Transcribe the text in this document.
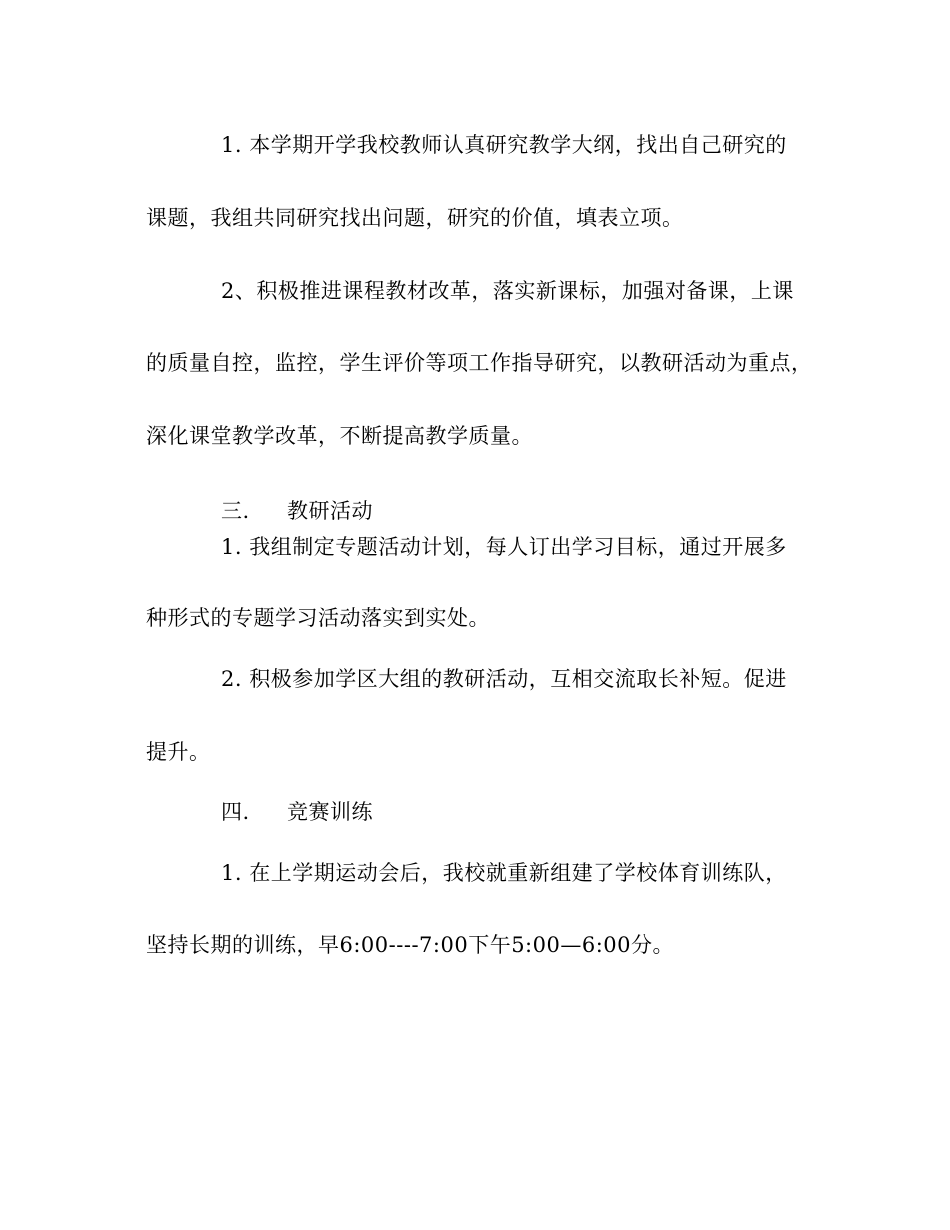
1. 本学期开学我校教师认真研究教学大纲，找出自己研究的
课题，我组共同研究找出问题，研究的价值，填表立项。
2、积极推进课程教材改革，落实新课标，加强对备课，上课
的质量自控，监控，学生评价等项工作指导研究，以教研活动为重点，
深化课堂教学改革，不断提高教学质量。
三. 教研活动
1. 我组制定专题活动计划，每人订出学习目标，通过开展多
种形式的专题学习活动落实到实处。
2. 积极参加学区大组的教研活动，互相交流取长补短。促进
提升。
四. 竞赛训练
1. 在上学期运动会后，我校就重新组建了学校体育训练队，
坚持长期的训练，早6:00----7:00下午5:00—6:00分。
